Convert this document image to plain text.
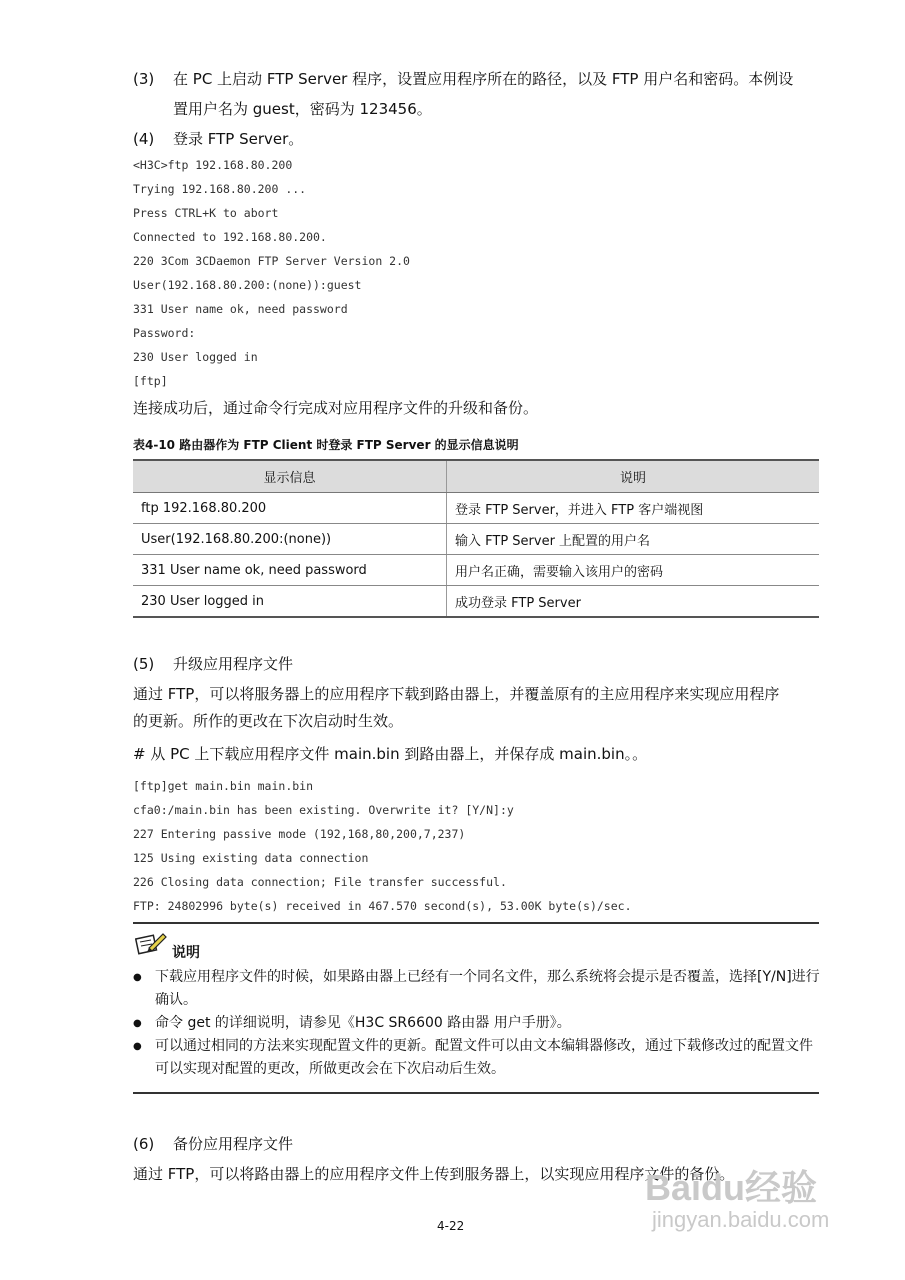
(3) 在 PC 上启动 FTP Server 程序，设置应用程序所在的路径，以及 FTP 用户名和密码。本例设
置用户名为 guest，密码为 123456。
(4) 登录 FTP Server。
<H3C>ftp 192.168.80.200
Trying 192.168.80.200 ...
Press CTRL+K to abort
Connected to 192.168.80.200.
220 3Com 3CDaemon FTP Server Version 2.0
User(192.168.80.200:(none)):guest
331 User name ok, need password
Password:
230 User logged in
[ftp]
连接成功后，通过命令行完成对应用程序文件的升级和备份。
表4-10 路由器作为 FTP Client 时登录 FTP Server 的显示信息说明
显示信息	说明
ftp 192.168.80.200	登录 FTP Server，并进入 FTP 客户端视图
User(192.168.80.200:(none))	输入 FTP Server 上配置的用户名
331 User name ok, need password	用户名正确，需要输入该用户的密码
230 User logged in	成功登录 FTP Server
(5) 升级应用程序文件
通过 FTP，可以将服务器上的应用程序下载到路由器上，并覆盖原有的主应用程序来实现应用程序
的更新。所作的更改在下次启动时生效。
# 从 PC 上下载应用程序文件 main.bin 到路由器上，并保存成 main.bin。。
[ftp]get main.bin main.bin
cfa0:/main.bin has been existing. Overwrite it? [Y/N]:y
227 Entering passive mode (192,168,80,200,7,237)
125 Using existing data connection
226 Closing data connection; File transfer successful.
FTP: 24802996 byte(s) received in 467.570 second(s), 53.00K byte(s)/sec.
说明
● 下载应用程序文件的时候，如果路由器上已经有一个同名文件，那么系统将会提示是否覆盖，选择[Y/N]进行确认。
● 命令 get 的详细说明，请参见《H3C SR6600 路由器 用户手册》。
● 可以通过相同的方法来实现配置文件的更新。配置文件可以由文本编辑器修改，通过下载修改过的配置文件可以实现对配置的更改，所做更改会在下次启动后生效。
(6) 备份应用程序文件
通过 FTP，可以将路由器上的应用程序文件上传到服务器上，以实现应用程序文件的备份。
4-22
Baidu经验
jingyan.baidu.com
